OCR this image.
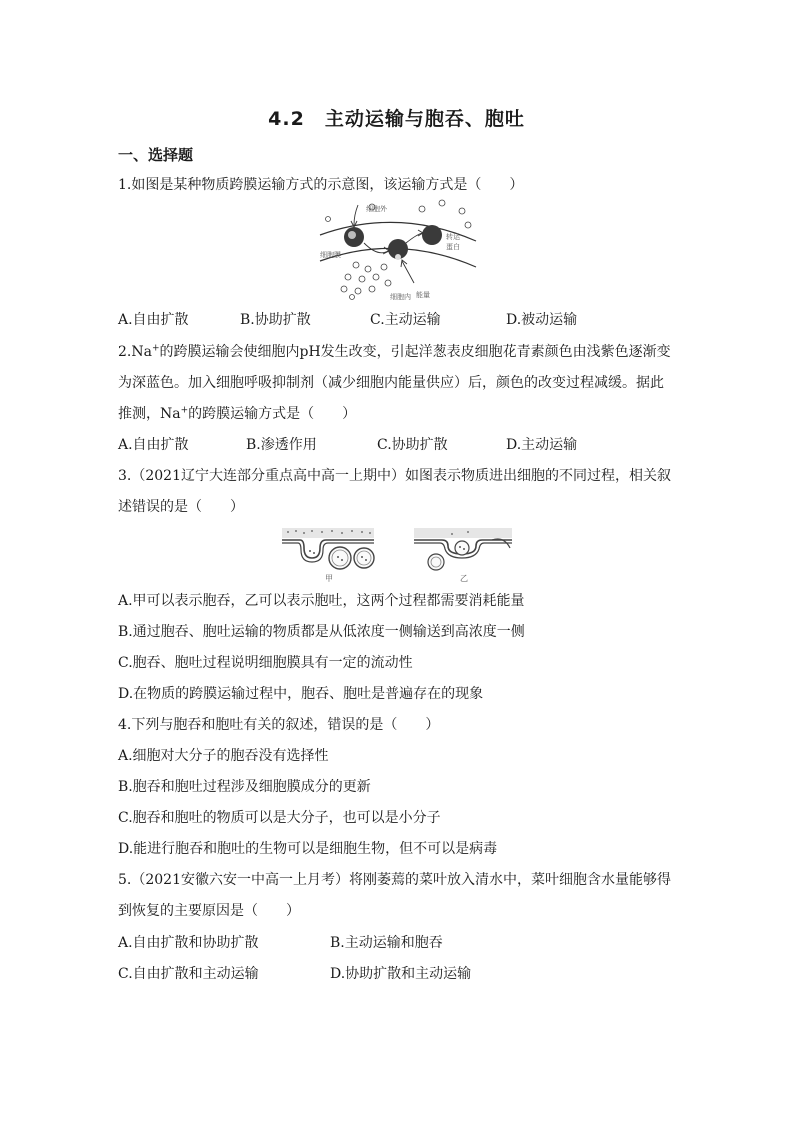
4.2　主动运输与胞吞、胞吐
一、选择题
1.如图是某种物质跨膜运输方式的示意图，该运输方式是（　　）
细胞外
细胞膜
转运
蛋白
细胞内 能量
A.自由扩散	B.协助扩散	C.主动运输	D.被动运输
2.Na+的跨膜运输会使细胞内pH发生改变，引起洋葱表皮细胞花青素颜色由浅紫色逐渐变
为深蓝色。加入细胞呼吸抑制剂（减少细胞内能量供应）后，颜色的改变过程减缓。据此
推测，Na+的跨膜运输方式是（　　）
A.自由扩散	B.渗透作用	C.协助扩散	D.主动运输
3.（2021辽宁大连部分重点高中高一上期中）如图表示物质进出细胞的不同过程，相关叙
述错误的是（　　）
甲	乙
A.甲可以表示胞吞，乙可以表示胞吐，这两个过程都需要消耗能量
B.通过胞吞、胞吐运输的物质都是从低浓度一侧输送到高浓度一侧
C.胞吞、胞吐过程说明细胞膜具有一定的流动性
D.在物质的跨膜运输过程中，胞吞、胞吐是普遍存在的现象
4.下列与胞吞和胞吐有关的叙述，错误的是（　　）
A.细胞对大分子的胞吞没有选择性
B.胞吞和胞吐过程涉及细胞膜成分的更新
C.胞吞和胞吐的物质可以是大分子，也可以是小分子
D.能进行胞吞和胞吐的生物可以是细胞生物，但不可以是病毒
5.（2021安徽六安一中高一上月考）将刚萎蔫的菜叶放入清水中，菜叶细胞含水量能够得
到恢复的主要原因是（　　）
A.自由扩散和协助扩散	B.主动运输和胞吞
C.自由扩散和主动运输	D.协助扩散和主动运输
